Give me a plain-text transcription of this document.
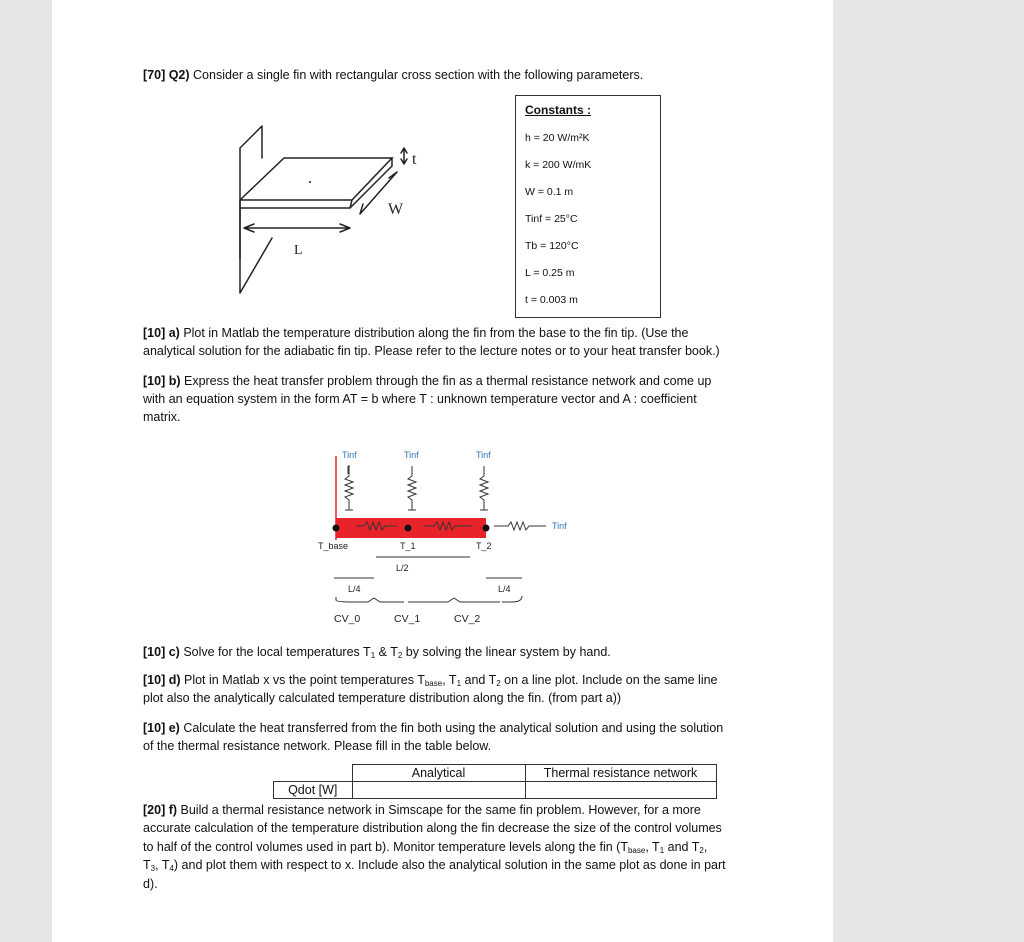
[70] Q2) Consider a single fin with rectangular cross section with the following parameters.
t
W
L
Constants :
h = 20 W/m²K
k = 200 W/mK
W = 0.1 m
Tinf = 25°C
Tb = 120°C
L = 0.25 m
t = 0.003 m
[10] a) Plot in Matlab the temperature distribution along the fin from the base to the fin tip. (Use the
analytical solution for the adiabatic fin tip. Please refer to the lecture notes or to your heat transfer book.)
[10] b) Express the heat transfer problem through the fin as a thermal resistance network and come up
with an equation system in the form AT = b where T : unknown temperature vector and A : coefficient
matrix.
Tinf	Tinf	Tinf
Tinf
T_base	T_1	T_2
L/2
L/4	L/4
CV_0	CV_1	CV_2
[10] c) Solve for the local temperatures $T_1$ & $T_2$ by solving the linear system by hand.
[10] d) Plot in Matlab x vs the point temperatures $T_{base}$, $T_1$ and $T_2$ on a line plot. Include on the same line
plot also the analytically calculated temperature distribution along the fin. (from part a))
[10] e) Calculate the heat transferred from the fin both using the analytical solution and using the solution
of the thermal resistance network. Please fill in the table below.
	Analytical	Thermal resistance network
Qdot [W]		
[20] f) Build a thermal resistance network in Simscape for the same fin problem. However, for a more
accurate calculation of the temperature distribution along the fin decrease the size of the control volumes
to half of the control volumes used in part b). Monitor temperature levels along the fin ($T_{base}$, $T_1$ and $T_2$,
$T_3$, $T_4$) and plot them with respect to x. Include also the analytical solution in the same plot as done in part
d).
